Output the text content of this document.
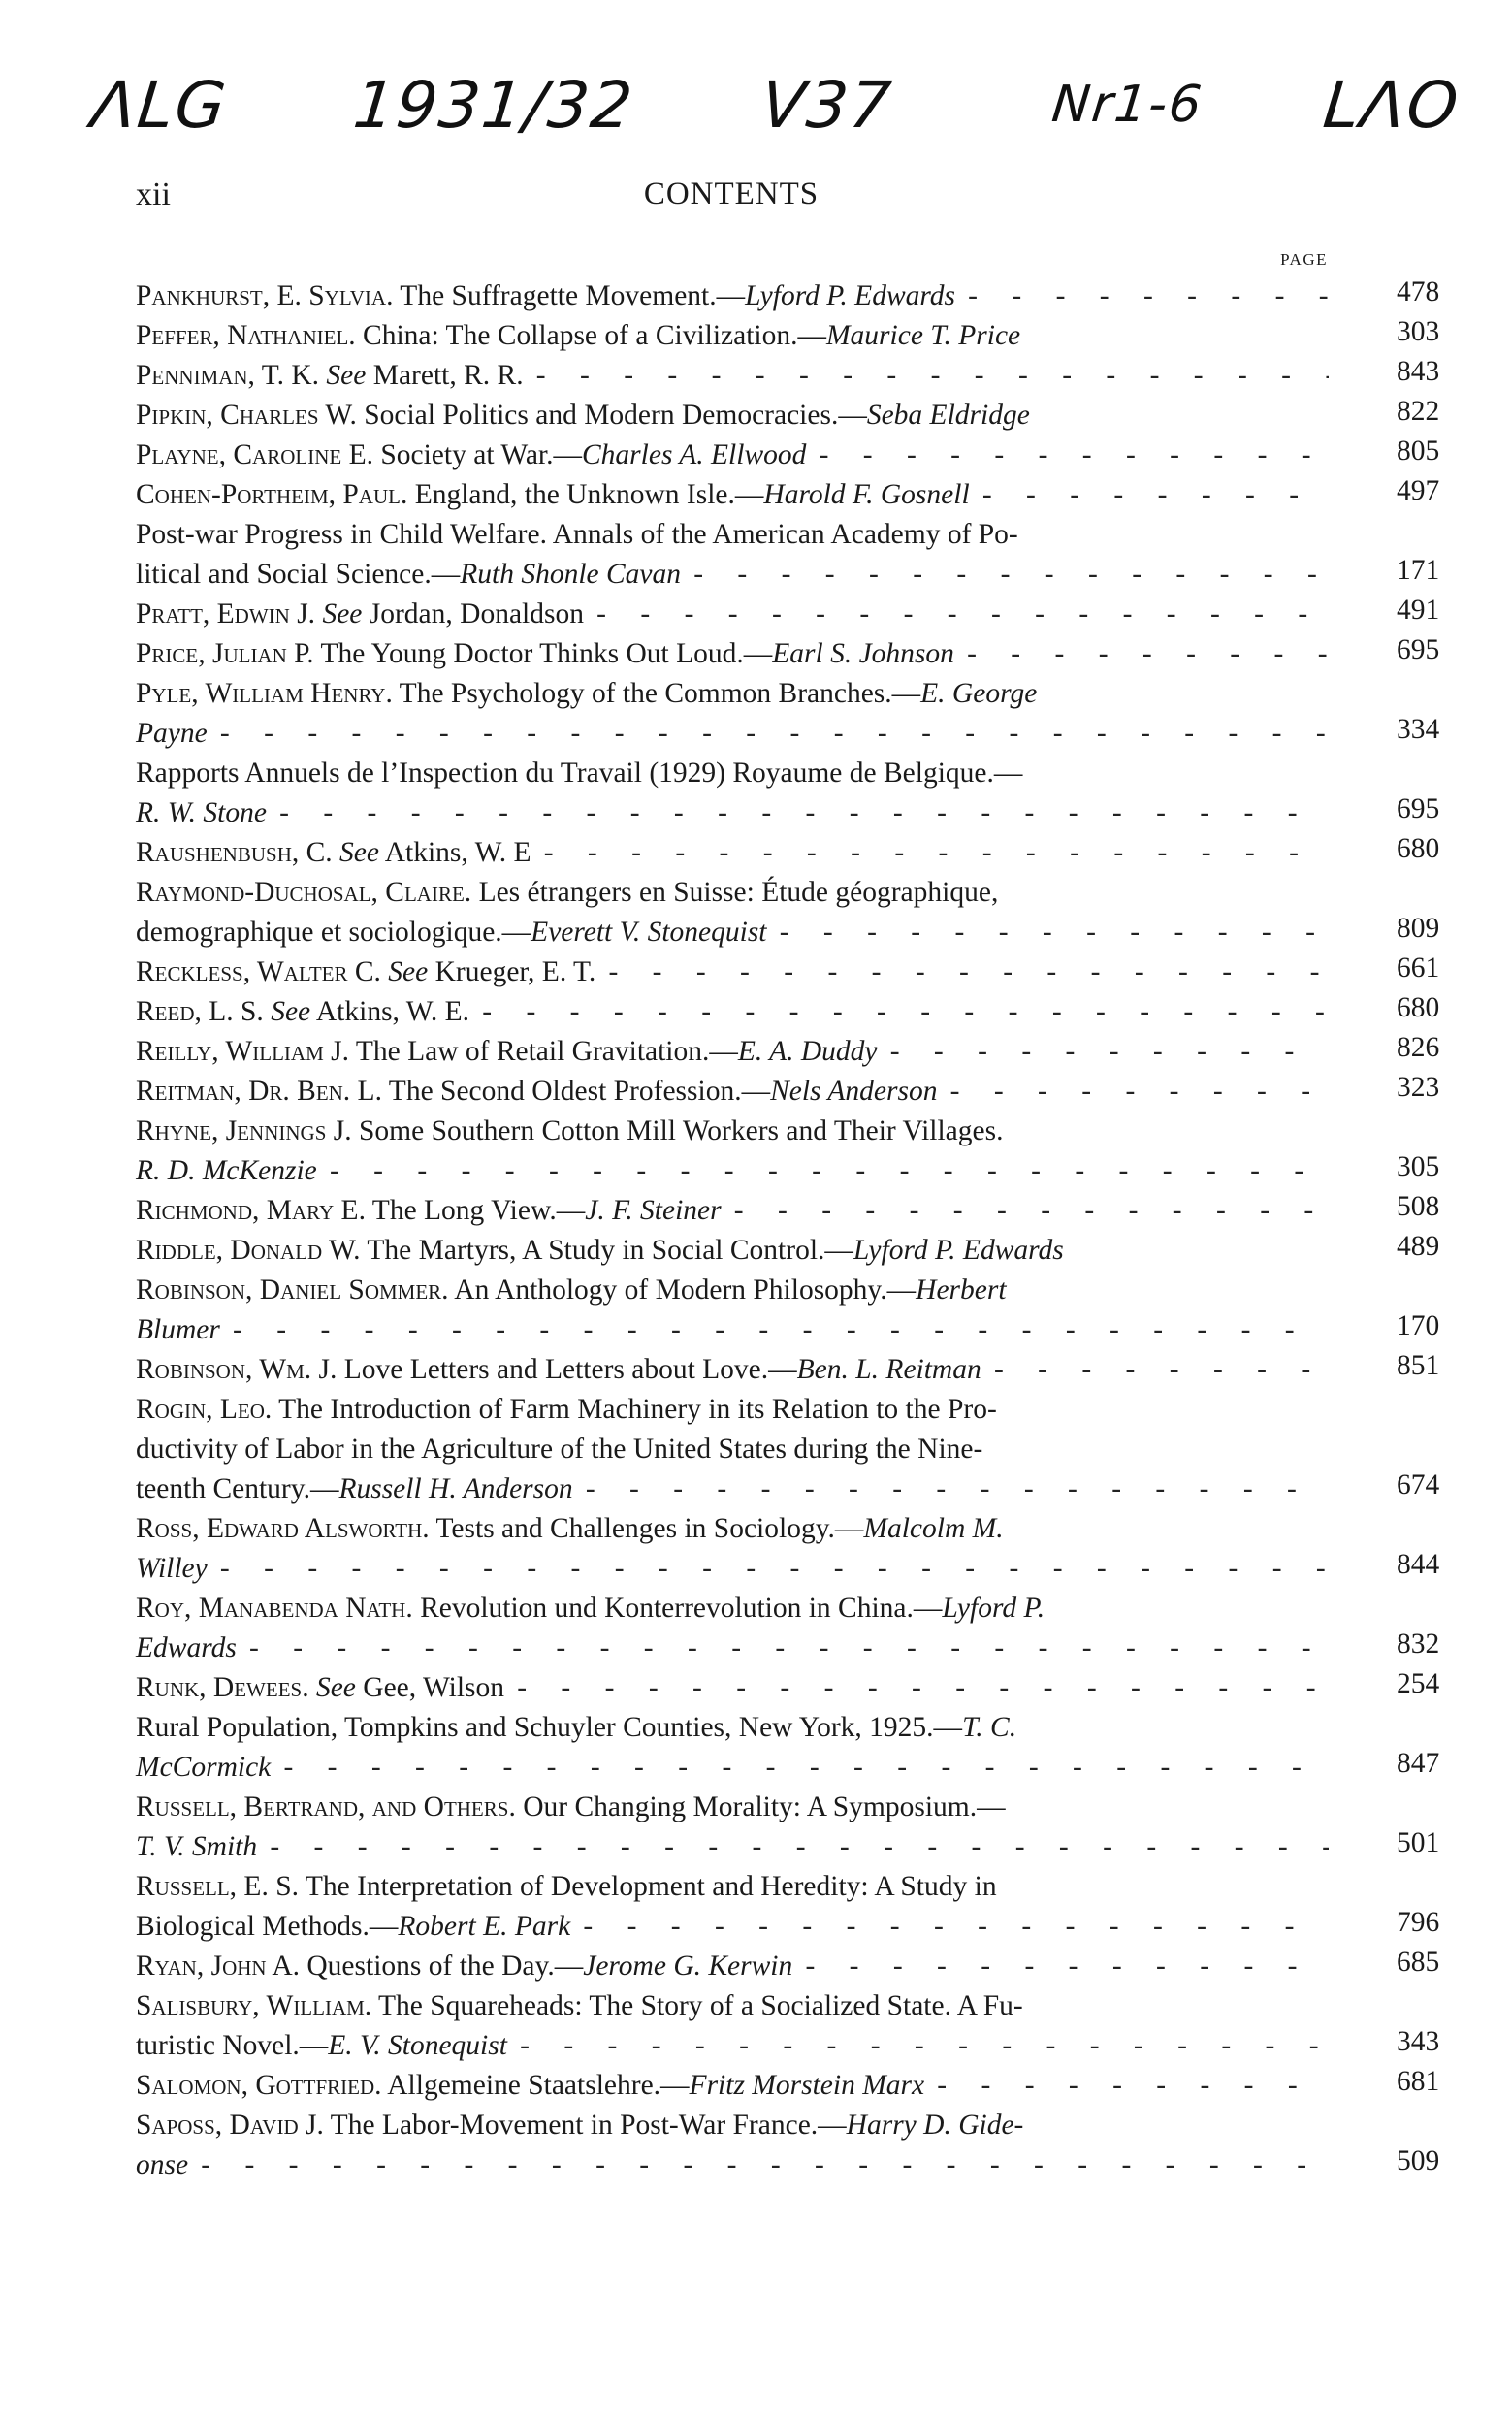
ΛLG 1931/32 V37	Nr1-6 LΛO
xii	CONTENTS
PAGE
Pankhurst, E. Sylvia. The Suffragette Movement.—Lyford P. Edwards - - -	478
Peffer, Nathaniel. China: The Collapse of a Civilization.—Maurice T. Price	303
Penniman, T. K. See Marett, R. R. - - -	843
Pipkin, Charles W. Social Politics and Modern Democracies.—Seba Eldridge	822
Playne, Caroline E. Society at War.—Charles A. Ellwood - - -	805
Cohen-Portheim, Paul. England, the Unknown Isle.—Harold F. Gosnell - - -	497
Post-war Progress in Child Welfare. Annals of the American Academy of Po-
litical and Social Science.—Ruth Shonle Cavan - - -	171
Pratt, Edwin J. See Jordan, Donaldson - - -	491
Price, Julian P. The Young Doctor Thinks Out Loud.—Earl S. Johnson - - -	695
Pyle, William Henry. The Psychology of the Common Branches.—E. George
Payne - - -	334
Rapports Annuels de l’Inspection du Travail (1929) Royaume de Belgique.—
R. W. Stone - - -	695
Raushenbush, C. See Atkins, W. E - - -	680
Raymond-Duchosal, Claire. Les étrangers en Suisse: Étude géographique,
demographique et sociologique.—Everett V. Stonequist - - -	809
Reckless, Walter C. See Krueger, E. T. - - -	661
Reed, L. S. See Atkins, W. E. - - -	680
Reilly, William J. The Law of Retail Gravitation.—E. A. Duddy - - -	826
Reitman, Dr. Ben. L. The Second Oldest Profession.—Nels Anderson - - -	323
Rhyne, Jennings J. Some Southern Cotton Mill Workers and Their Villages.
R. D. McKenzie - - -	305
Richmond, Mary E. The Long View.—J. F. Steiner - - -	508
Riddle, Donald W. The Martyrs, A Study in Social Control.—Lyford P. Edwards	489
Robinson, Daniel Sommer. An Anthology of Modern Philosophy.—Herbert
Blumer - - -	170
Robinson, Wm. J. Love Letters and Letters about Love.—Ben. L. Reitman - - -	851
Rogin, Leo. The Introduction of Farm Machinery in its Relation to the Pro-
ductivity of Labor in the Agriculture of the United States during the Nine-
teenth Century.—Russell H. Anderson - - -	674
Ross, Edward Alsworth. Tests and Challenges in Sociology.—Malcolm M.
Willey - - -	844
Roy, Manabenda Nath. Revolution und Konterrevolution in China.—Lyford P.
Edwards - - -	832
Runk, Dewees. See Gee, Wilson - - -	254
Rural Population, Tompkins and Schuyler Counties, New York, 1925.—T. C.
McCormick - - -	847
Russell, Bertrand, and Others. Our Changing Morality: A Symposium.—
T. V. Smith - - -	501
Russell, E. S. The Interpretation of Development and Heredity: A Study in
Biological Methods.—Robert E. Park - - -	796
Ryan, John A. Questions of the Day.—Jerome G. Kerwin - - -	685
Salisbury, William. The Squareheads: The Story of a Socialized State. A Fu-
turistic Novel.—E. V. Stonequist - - -	343
Salomon, Gottfried. Allgemeine Staatslehre.—Fritz Morstein Marx - - -	681
Saposs, David J. The Labor-Movement in Post-War France.—Harry D. Gide-
onse - - -	509
